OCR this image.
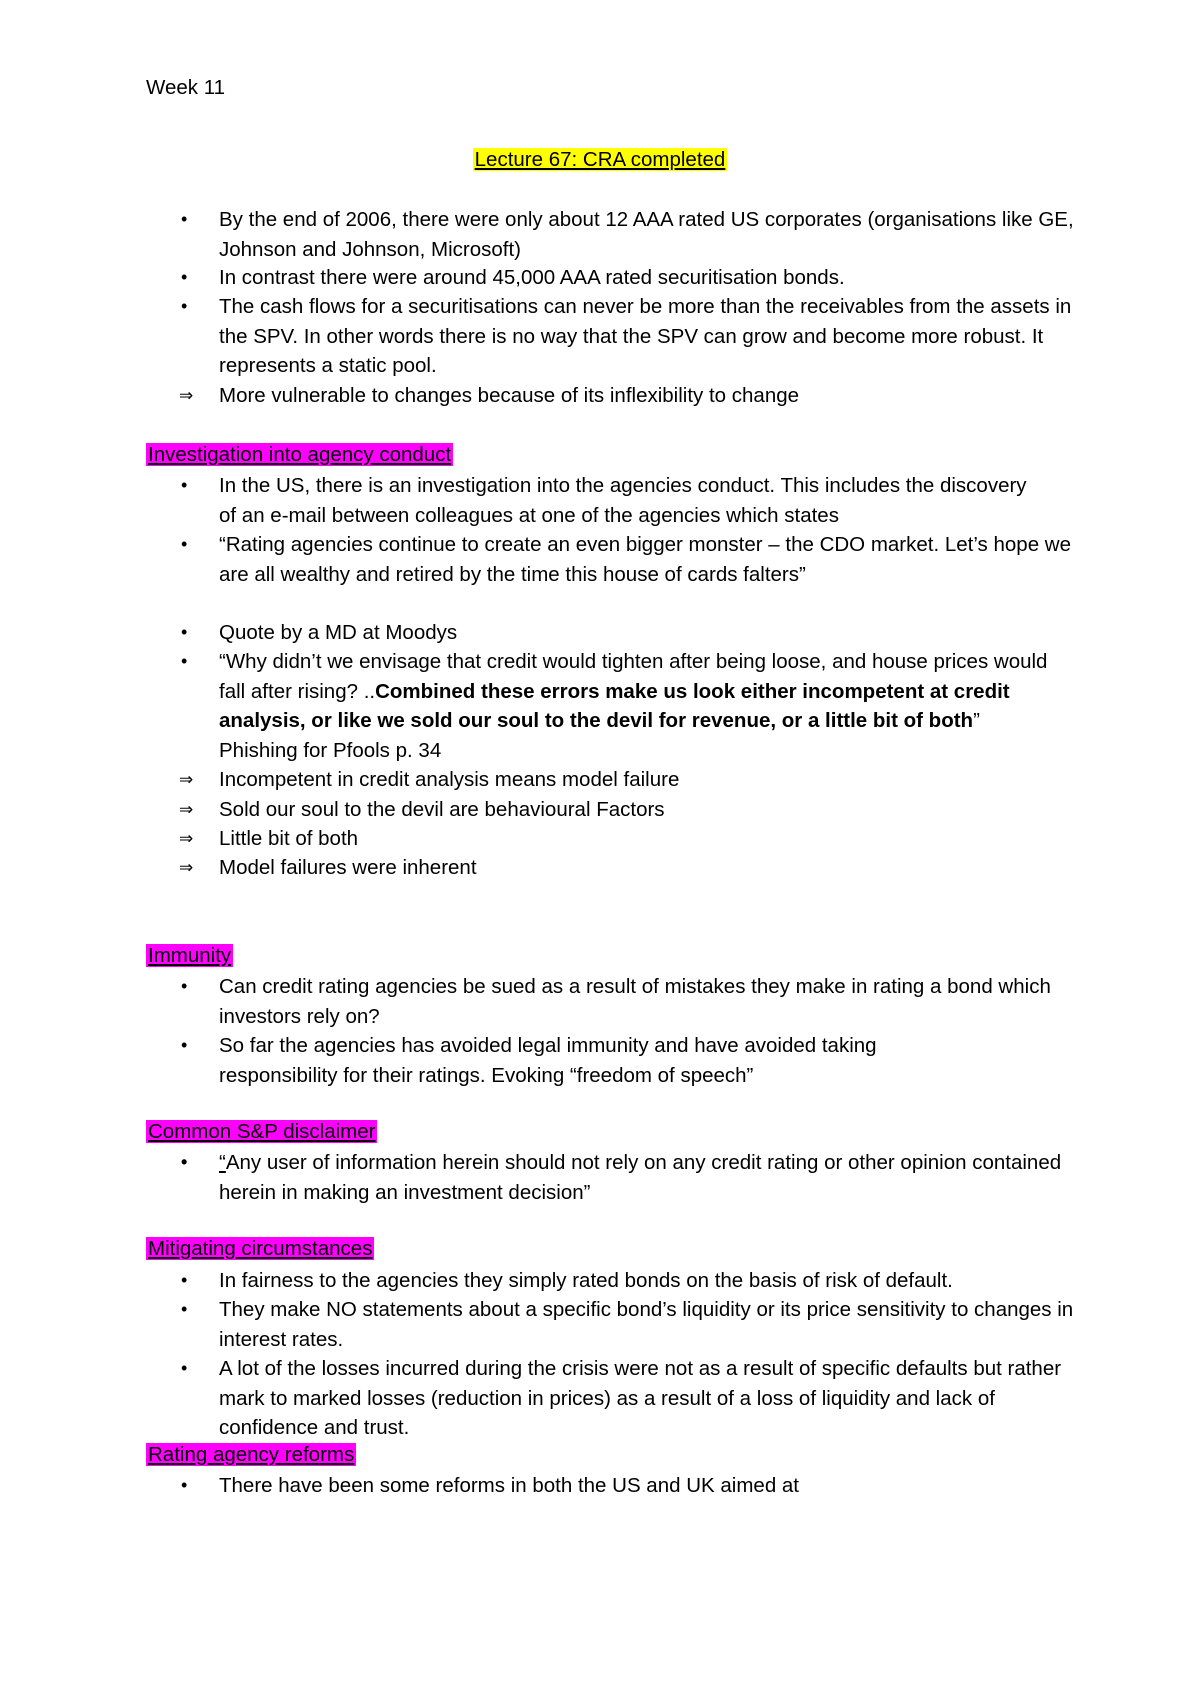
Week 11
Lecture 67: CRA completed
•	By the end of 2006, there were only about 12 AAA rated US corporates (organisations like GE, Johnson and Johnson, Microsoft)
•	In contrast there were around 45,000 AAA rated securitisation bonds.
•	The cash flows for a securitisations can never be more than the receivables from the assets in the SPV. In other words there is no way that the SPV can grow and become more robust. It represents a static pool.
⇒	More vulnerable to changes because of its inflexibility to change
Investigation into agency conduct
•	In the US, there is an investigation into the agencies conduct. This includes the discovery of an e-mail between colleagues at one of the agencies which states
•	“Rating agencies continue to create an even bigger monster – the CDO market. Let’s hope we are all wealthy and retired by the time this house of cards falters”
•	Quote by a MD at Moodys
•	“Why didn’t we envisage that credit would tighten after being loose, and house prices would fall after rising? ..Combined these errors make us look either incompetent at credit analysis, or like we sold our soul to the devil for revenue, or a little bit of both” Phishing for Pfools p. 34
⇒	Incompetent in credit analysis means model failure
⇒	Sold our soul to the devil are behavioural Factors
⇒	Little bit of both
⇒	Model failures were inherent
Immunity
•	Can credit rating agencies be sued as a result of mistakes they make in rating a bond which investors rely on?
•	So far the agencies has avoided legal immunity and have avoided taking responsibility for their ratings. Evoking “freedom of speech”
Common S&P disclaimer
•	“Any user of information herein should not rely on any credit rating or other opinion contained herein in making an investment decision”
Mitigating circumstances
•	In fairness to the agencies they simply rated bonds on the basis of risk of default.
•	They make NO statements about a specific bond’s liquidity or its price sensitivity to changes in interest rates.
•	A lot of the losses incurred during the crisis were not as a result of specific defaults but rather mark to marked losses (reduction in prices) as a result of a loss of liquidity and lack of confidence and trust.
Rating agency reforms
•	There have been some reforms in both the US and UK aimed at
